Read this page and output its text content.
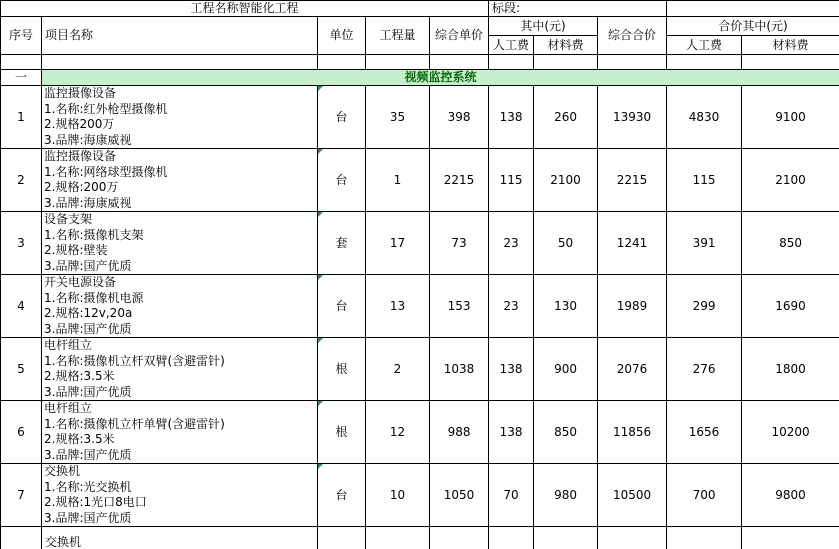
工程名称智能化工程					标段:				
序号	项目名称	单位	工程量	综合单价	其中(元)		综合合价	合价其中(元)	
					人工费	材料费		人工费	材料费

一	视频监控系统								
1	监控摄像设备
1.名称:红外枪型摄像机
2.规格200万
3.品牌:海康威视	台	35	398	138	260	13930	4830	9100
2	监控摄像设备
1.名称:网络球型摄像机
2.规格:200万
3.品牌:海康威视	台	1	2215	115	2100	2215	115	2100
3	设备支架
1.名称:摄像机支架
2.规格:壁装
3.品牌:国产优质	套	17	73	23	50	1241	391	850
4	开关电源设备
1.名称:摄像机电源
2.规格:12v,20a
3.品牌:国产优质	台	13	153	23	130	1989	299	1690
5	电杆组立
1.名称:摄像机立杆双臂(含避雷针)
2.规格:3.5米
3.品牌:国产优质	根	2	1038	138	900	2076	276	1800
6	电杆组立
1.名称:摄像机立杆单臂(含避雷针)
2.规格:3.5米
3.品牌:国产优质	根	12	988	138	850	11856	1656	10200
7	交换机
1.名称:光交换机
2.规格:1光口8电口
3.品牌:国产优质	台	10	1050	70	980	10500	700	9800
	交换机								
